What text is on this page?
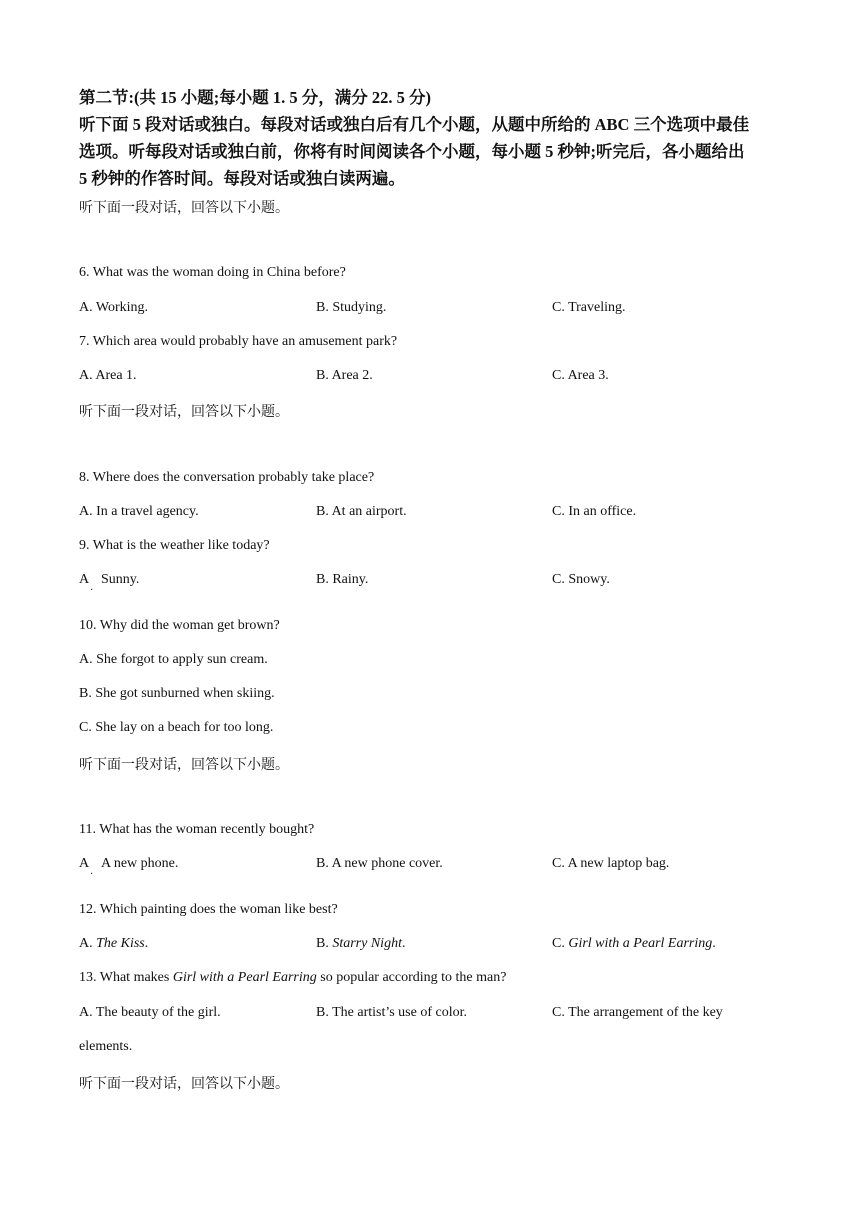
第二节:(共 15 小题;每小题 1. 5 分，满分 22. 5 分)
听下面 5 段对话或独白。每段对话或独白后有几个小题，从题中所给的 ABC 三个选项中最佳
选项。听每段对话或独白前，你将有时间阅读各个小题，每小题 5 秒钟;听完后，各小题给出
5 秒钟的作答时间。每段对话或独白读两遍。
听下面一段对话，回答以下小题。
6. What was the woman doing in China before?
A. Working.	B. Studying.	C. Traveling.
7. Which area would probably have an amusement park?
A. Area 1.	B. Area 2.	C. Area 3.
听下面一段对话，回答以下小题。
8. Where does the conversation probably take place?
A. In a travel agency.	B. At an airport.	C. In an office.
9. What is the weather like today?
A
·
Sunny.	B. Rainy.	C. Snowy.
10. Why did the woman get brown?
A. She forgot to apply sun cream.
B. She got sunburned when skiing.
C. She lay on a beach for too long.
听下面一段对话，回答以下小题。
11. What has the woman recently bought?
A
·
A new phone.	B. A new phone cover.	C. A new laptop bag.
12. Which painting does the woman like best?
A. The Kiss.	B. Starry Night.	C. Girl with a Pearl Earring.
13. What makes Girl with a Pearl Earring so popular according to the man?
A. The beauty of the girl.	B. The artist’s use of color.	C. The arrangement of the key
elements.
听下面一段对话，回答以下小题。
